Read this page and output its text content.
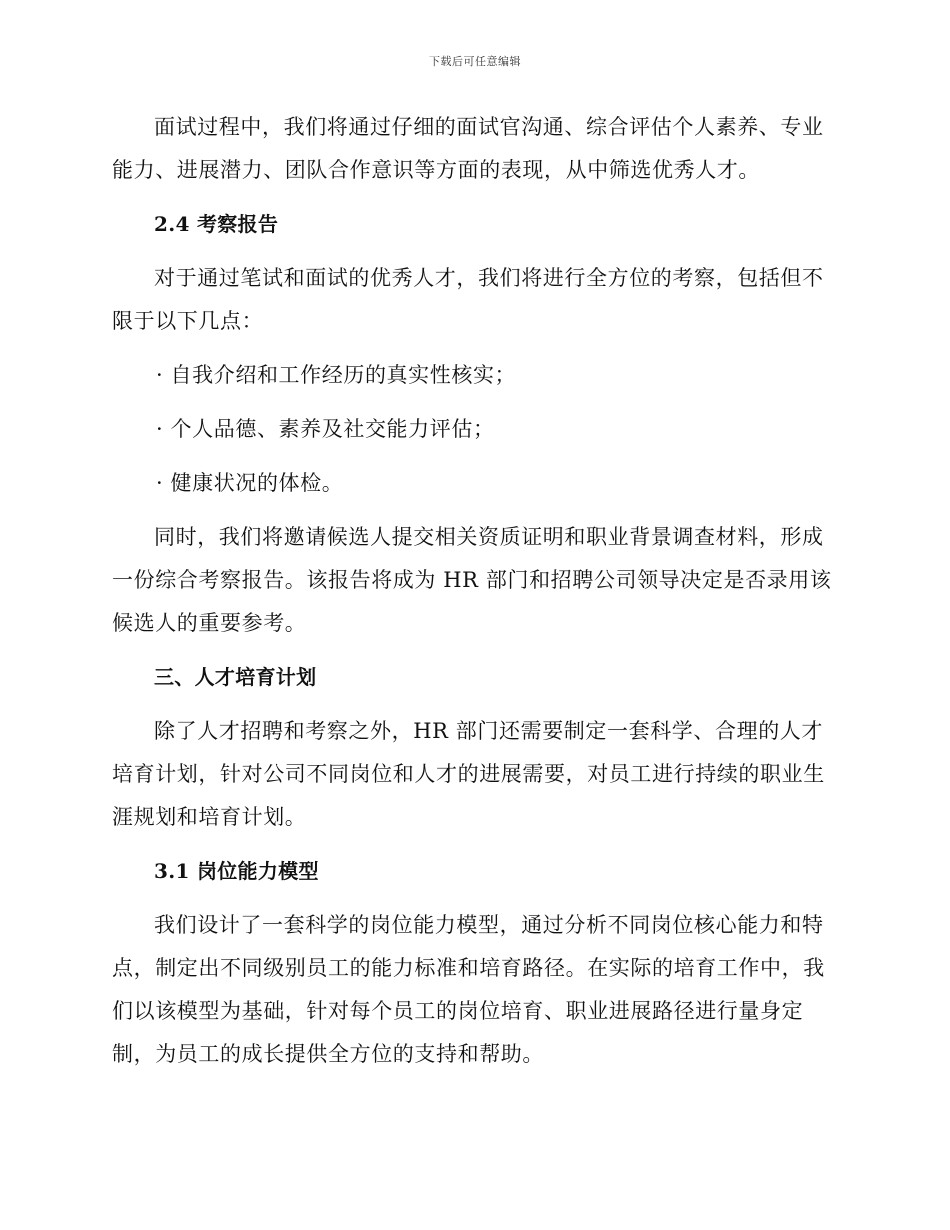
下载后可任意编辑

面试过程中，我们将通过仔细的面试官沟通、综合评估个人素养、专业能力、进展潜力、团队合作意识等方面的表现，从中筛选优秀人才。

2.4 考察报告

对于通过笔试和面试的优秀人才，我们将进行全方位的考察，包括但不限于以下几点：

· 自我介绍和工作经历的真实性核实；

· 个人品德、素养及社交能力评估；

· 健康状况的体检。

同时，我们将邀请候选人提交相关资质证明和职业背景调查材料，形成一份综合考察报告。该报告将成为 HR 部门和招聘公司领导决定是否录用该候选人的重要参考。

三、人才培育计划

除了人才招聘和考察之外，HR 部门还需要制定一套科学、合理的人才培育计划，针对公司不同岗位和人才的进展需要，对员工进行持续的职业生涯规划和培育计划。

3.1 岗位能力模型

我们设计了一套科学的岗位能力模型，通过分析不同岗位核心能力和特点，制定出不同级别员工的能力标准和培育路径。在实际的培育工作中，我们以该模型为基础，针对每个员工的岗位培育、职业进展路径进行量身定制，为员工的成长提供全方位的支持和帮助。
